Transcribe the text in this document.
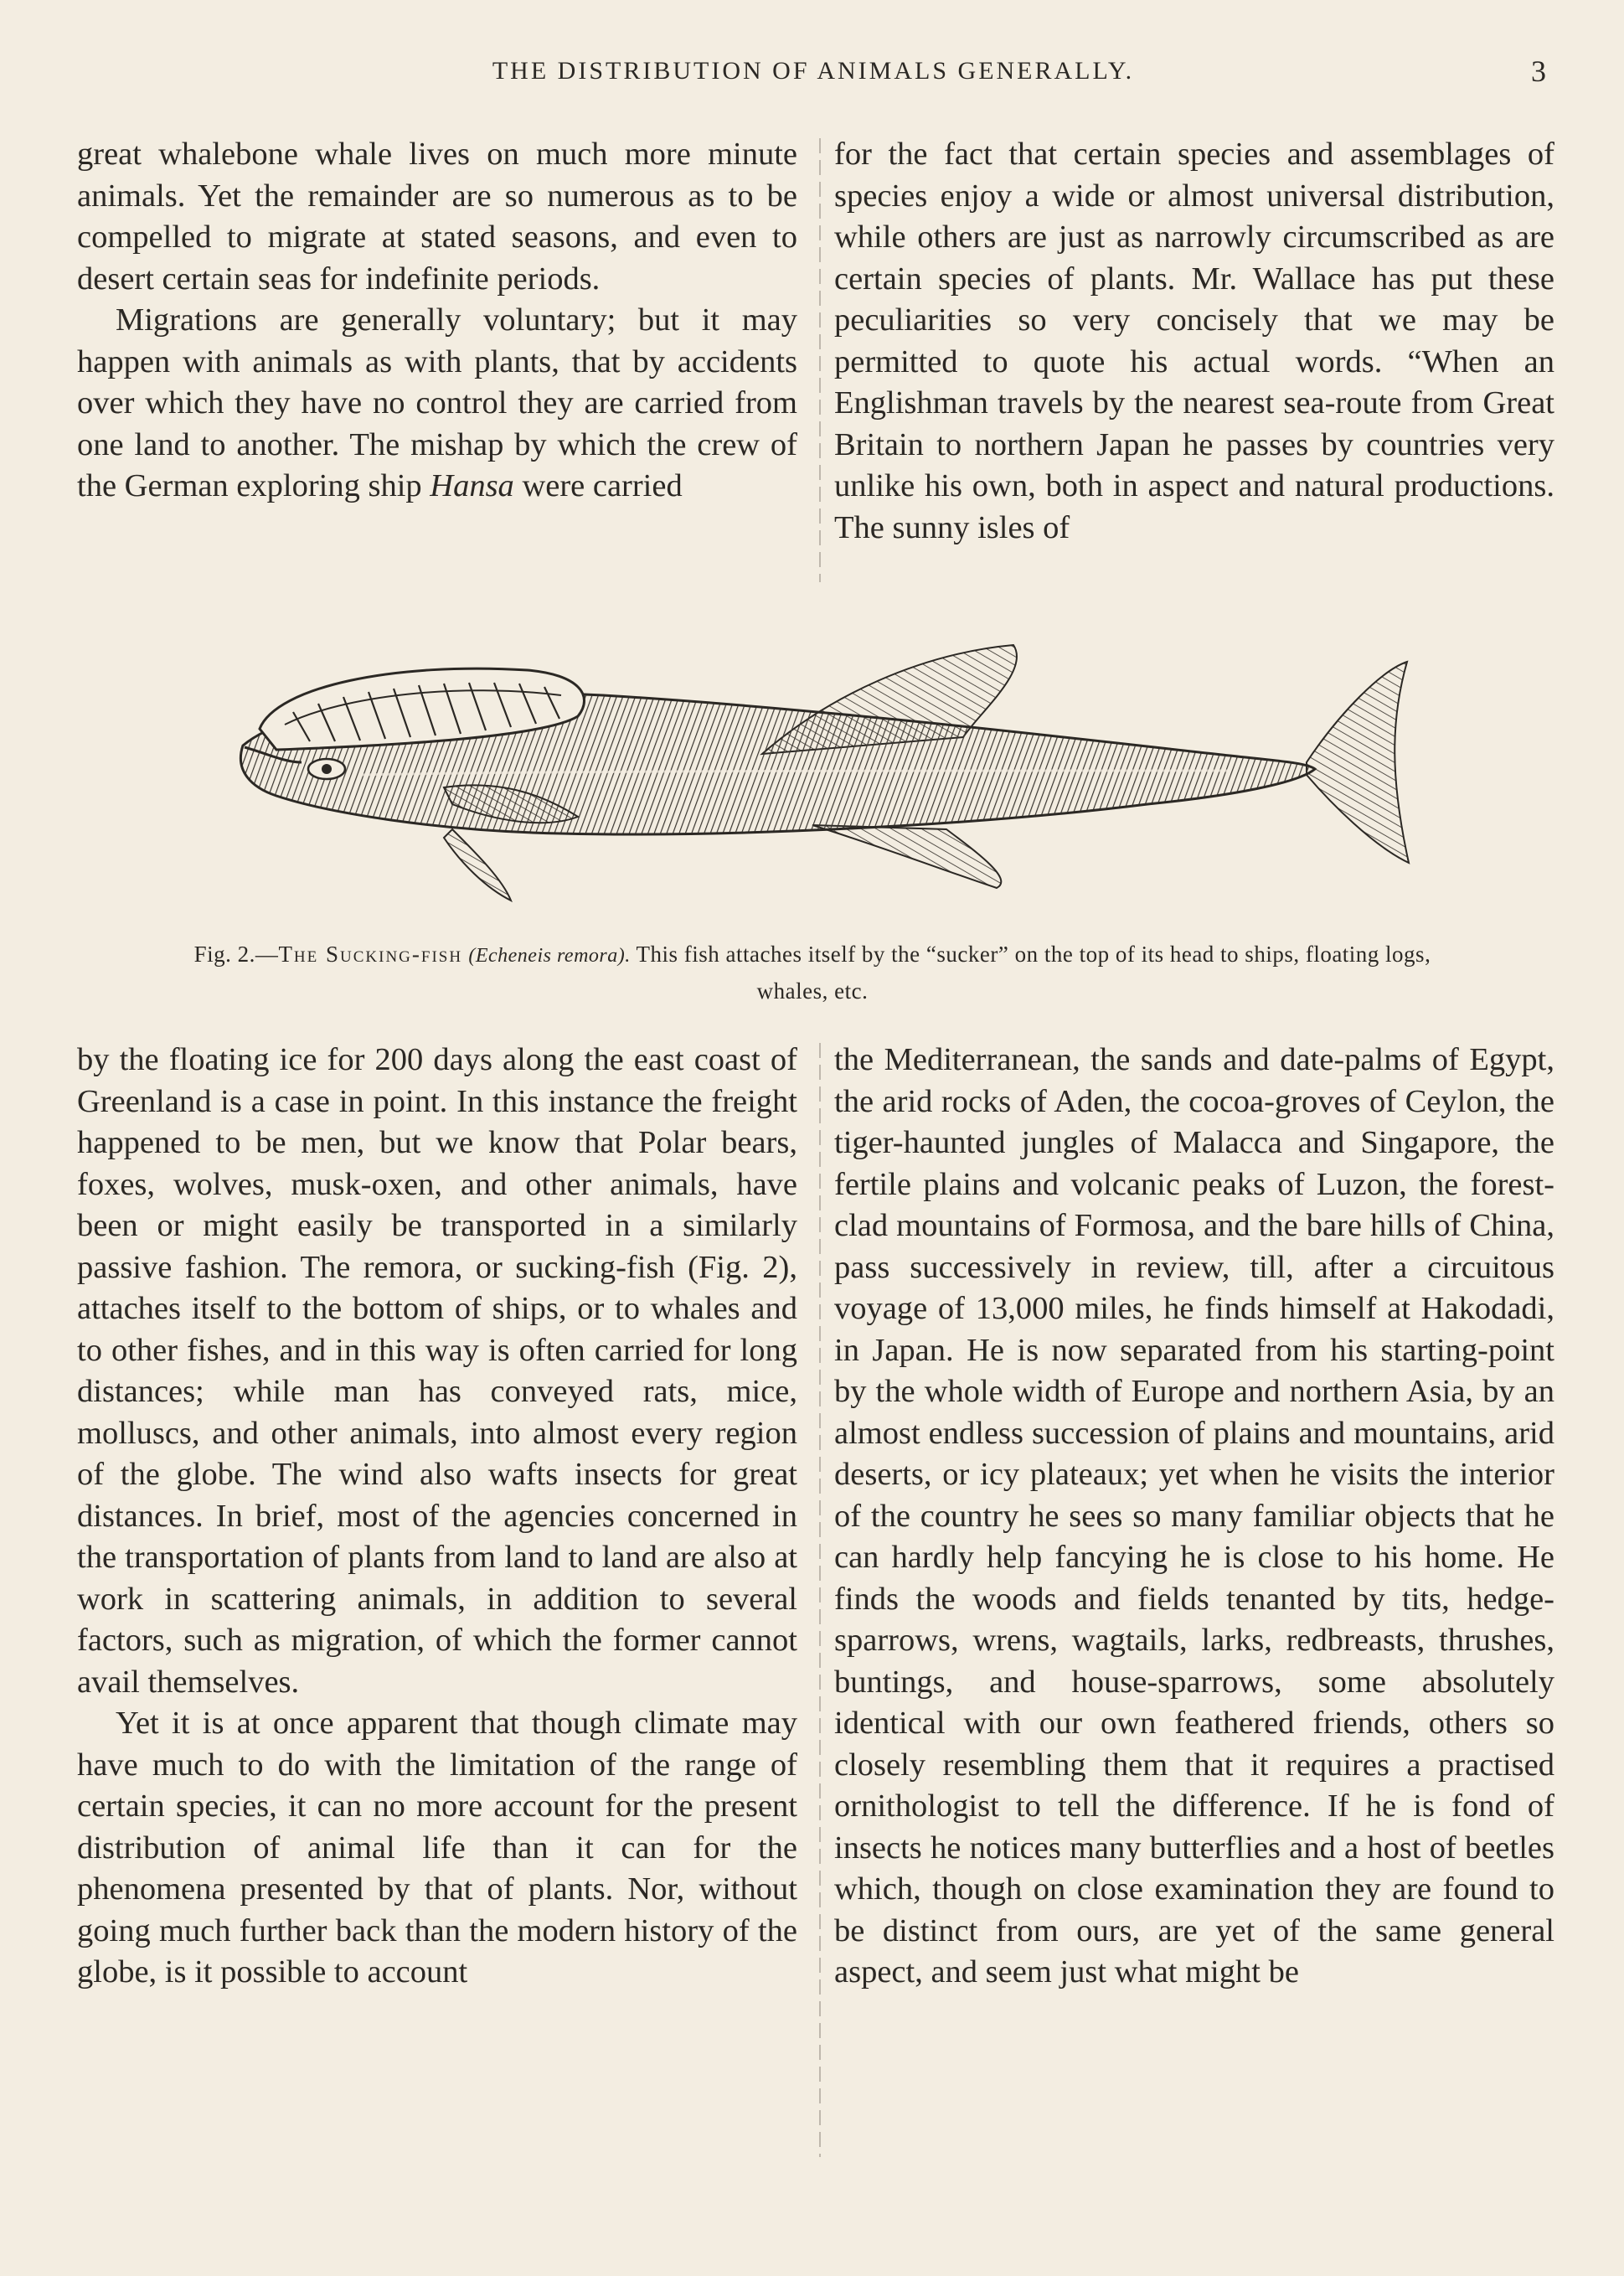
THE DISTRIBUTION OF ANIMALS GENERALLY.	3

great whalebone whale lives on much more minute animals. Yet the remainder are so numerous as to be compelled to migrate at stated seasons, and even to desert certain seas for indefinite periods.

Migrations are generally voluntary; but it may happen with animals as with plants, that by accidents over which they have no control they are carried from one land to another. The mishap by which the crew of the German exploring ship Hansa were carried

for the fact that certain species and assemblages of species enjoy a wide or almost universal distribution, while others are just as narrowly circumscribed as are certain species of plants. Mr. Wallace has put these peculiarities so very concisely that we may be permitted to quote his actual words. “When an Englishman travels by the nearest sea-route from Great Britain to northern Japan he passes by countries very unlike his own, both in aspect and natural productions. The sunny isles of

Fig. 2.—The Sucking-fish (Echeneis remora). This fish attaches itself by the “sucker” on the top of its head to ships, floating logs, whales, etc.

by the floating ice for 200 days along the east coast of Greenland is a case in point. In this instance the freight happened to be men, but we know that Polar bears, foxes, wolves, musk-oxen, and other animals, have been or might easily be transported in a similarly passive fashion. The remora, or sucking-fish (Fig. 2), attaches itself to the bottom of ships, or to whales and to other fishes, and in this way is often carried for long distances; while man has conveyed rats, mice, molluscs, and other animals, into almost every region of the globe. The wind also wafts insects for great distances. In brief, most of the agencies concerned in the transportation of plants from land to land are also at work in scattering animals, in addition to several factors, such as migration, of which the former cannot avail themselves.

Yet it is at once apparent that though climate may have much to do with the limitation of the range of certain species, it can no more account for the present distribution of animal life than it can for the phenomena presented by that of plants. Nor, without going much further back than the modern history of the globe, is it possible to account

the Mediterranean, the sands and date-palms of Egypt, the arid rocks of Aden, the cocoa-groves of Ceylon, the tiger-haunted jungles of Malacca and Singapore, the fertile plains and volcanic peaks of Luzon, the forest-clad mountains of Formosa, and the bare hills of China, pass successively in review, till, after a circuitous voyage of 13,000 miles, he finds himself at Hakodadi, in Japan. He is now separated from his starting-point by the whole width of Europe and northern Asia, by an almost endless succession of plains and mountains, arid deserts, or icy plateaux; yet when he visits the interior of the country he sees so many familiar objects that he can hardly help fancying he is close to his home. He finds the woods and fields tenanted by tits, hedge-sparrows, wrens, wagtails, larks, redbreasts, thrushes, buntings, and house-sparrows, some absolutely identical with our own feathered friends, others so closely resembling them that it requires a practised ornithologist to tell the difference. If he is fond of insects he notices many butterflies and a host of beetles which, though on close examination they are found to be distinct from ours, are yet of the same general aspect, and seem just what might be
